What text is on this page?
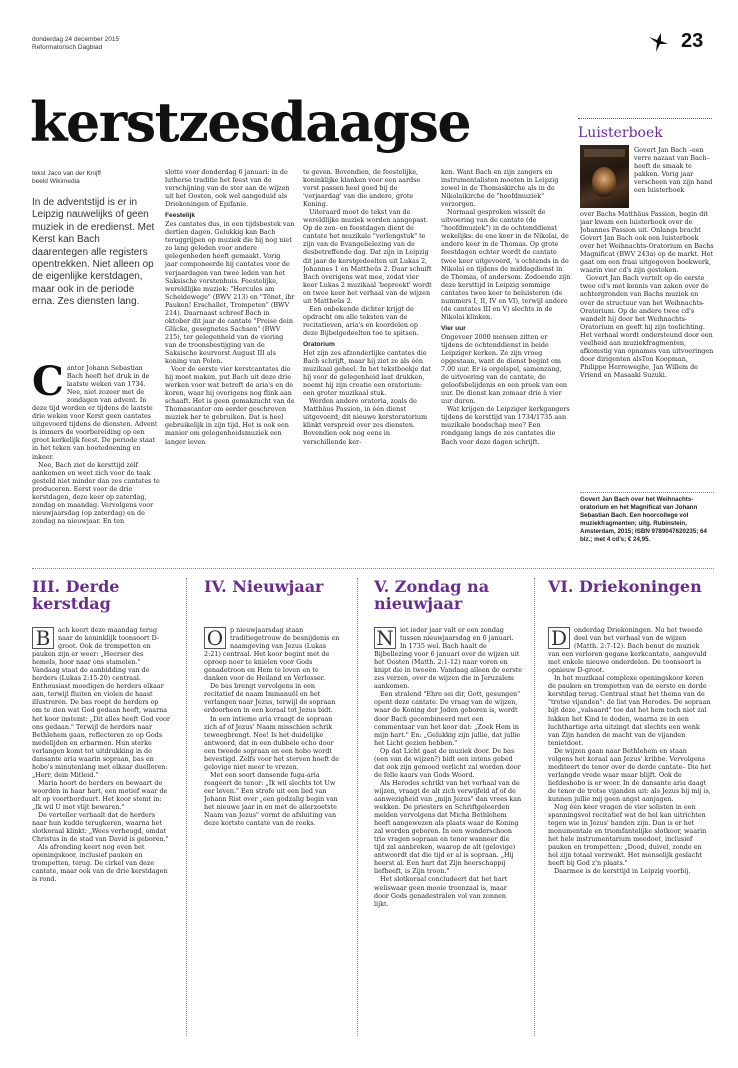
donderdag 24 december 2015
Reformatorisch Dagblad	23
kerstzesdaagse
tekst Jaco van der Knijff
beeld Wikimedia
In de adventstijd is er in Leipzig nauwelijks of geen muziek in de eredienst. Met Kerst kan Bach daarentegen alle registers opentrekken. Niet alleen op de eigenlijke kerstdagen, maar ook in de periode erna. Zes diensten lang.
C antor Johann Sebastian Bach heeft het druk in de laatste weken van 1734. Nee, niet zozeer met de zondagen van advent. In deze tijd worden er tijdens de laatste drie weken voor Kerst geen cantates uitgevoerd tijdens de diensten. Advent is immers de voorbereiding op een groot kerkelijk feest. De periode staat in het teken van boetedoening en inkeer.

Nee, Bach ziet de kersttijd zélf aankomen en weet zich voor de taak gesteld niet minder dan zes cantates te produceren. Eerst voor de drie kerstdagen, deze keer op zaterdag, zondag en maandag. Vervolgens voor nieuwjaarsdag (op zaterdag) en de zondag na nieuwjaar. En ten

slotte voor donderdag 6 januari: in de lutherse traditie het feest van de verschijning van de ster aan de wijzen uit het Oosten, ook wel aangeduid als Driekoningen of Epifanie.

Feestelijk

Zes cantates dus, in een tijdsbestek van dertien dagen. Gelukkig kan Bach teruggrijpen op muziek die hij nog niet zo lang geleden voor andere gelegenheden heeft gemaakt. Vorig jaar componeerde hij cantates voor de verjaardagen van twee leden van het Saksische vorstenhuis. Feestelijke, wereldlijke muziek: "Hercules am Scheidewege" (BWV 213) en "Tönet, ihr Pauken! Erschallet, Trompeten" (BWV 214). Daarnaast schreef Bach in oktober dit jaar de cantate "Preise dein Glücke, gesegnetes Sachsen" (BWV 215), ter gelegenheid van de viering van de troonsbestijging van de Saksische keurvorst August III als koning van Polen.

Voor de eerste vier kerstcantates die hij moet maken, put Bach uit deze drie werken voor wat betreft de aria's en de koren, waar hij overigens nog flink aan schaaft. Het is geen gemakzucht van de Thomascantor om eerder geschreven muziek her te gebruiken. Dat is heel gebruikelijk in zijn tijd. Het is ook een manier om gelegenheidsmuziek een langer leven

te geven. Bovendien, de feestelijke, koninklijke klanken voor een aardse vorst passen heel goed bij de 'verjaardag' van die andere, grote Koning.

Uiteraard moet de tekst van de wereldlijke muziek worden aangepast. Op de zon- en feestdagen dient de cantate het muzikale "verlengstuk" te zijn van de Evangelielezing van de desbetreffende dag. Dat zijn in Leipzig dit jaar de kerstgedeelten uit Lukas 2, Johannes 1 en Mattheüs 2. Daar schuift Bach overigens wat mee, zodat vier keer Lukas 2 muzikaal 'bepreekt' wordt en twee keer het verhaal van de wijzen uit Mattheüs 2.

Een onbekende dichter krijgt de opdracht om alle teksten van de recitatieven, aria's en koordelen op deze Bijbelgedeelten toe te spitsen.

Oratorium

Het zijn zes afzonderlijke cantates die Bach schrijft, maar hij ziet ze als één muzikaal geheel. In het tekstboekje dat hij voor de gelegenheid laat drukken, noemt hij zijn creatie een oratorium: een groter muzikaal stuk.

Werden andere oratoria, zoals de Matthäus Passion, in één dienst uitgevoerd, dit nieuwe kerstoratorium klinkt verspreid over zes diensten. Bovendien ook nog eens in verschillende ker-

ken. Want Bach en zijn zangers en instrumentalisten moeten in Leipzig zowel in de Thomaskirche als in de Nikolaikirche de "hoofdmuziek" verzorgen.

Normaal gesproken wisselt de uitvoering van de cantate (de "hoofdmuziek") in de ochtenddienst wekelijks: de ene keer in de Nikolai, de andere keer in de Thomas. Op grote feestdagen echter wordt de cantate twee keer uitgevoerd, 's ochtends in de Nikolai en tijdens de middagdienst in de Thomas, of andersom. Zodoende zijn deze kersttijd in Leipzig sommige cantates twee keer te beluisteren (de nummers I, II, IV en VI), terwijl andere (de cantates III en V) slechts in de Nikolai klinken.

Vier uur

Ongeveer 2000 mensen zitten er tijdens de ochtenddienst in beide Leipziger kerken. Ze zijn vroeg opgestaan, want de dienst begint om 7.00 uur. Er is orgelspel, samenzang, de uitvoering van de cantate, de geloofsbelijdenis en een preek van een uur. De dienst kan zomaar drie à vier uur duren.

Wat krijgen de Leipziger kerkgangers tijdens de kersttijd van 1734/1735 aan muzikale boodschap mee? Een rondgang langs de zes cantates die Bach voor deze dagen schrijft.

Luisterboek

Govert Jan Bach –een verre nazaat van Bach– heeft de smaak te pakken. Vorig jaar verscheen van zijn hand een luisterboek

over Bachs Matthäus Passion, begin dit jaar kwam een luisterboek over de Johannes Passion uit. Onlangs bracht Govert Jan Bach ook een luisterboek over het Weihnachts-Oratorium en Bachs Magnificat (BWV 243a) op de markt. Het gaat om een fraai uitgegeven boekwerk, waarin vier cd's zijn gestoken.

Govert Jan Bach vertelt op de eerste twee cd's met kennis van zaken over de achtergronden van Bachs muziek en over de structuur van het Weihnachts-Oratorium. Op de andere twee cd's wandelt hij door het Weihnachts-Oratorium en geeft hij zijn toelichting. Het verhaal wordt ondersteund door een veelheid aan muziekfragmenten, afkomstig van opnames van uitvoeringen door dirigenten alsTon Koopman, Philippe Herreweghe, Jan Willem de Vriend en Masaaki Suzuki.

Govert Jan Bach over het Weihnachts-oratorium en het Magnificat van Johann Sebastian Bach. Een hoorcollege vol muziekfragmenten; uitg. Rubinstein, Amsterdam, 2015; ISBN 9789047620235; 64 blz.; met 4 cd's; € 24,95.
III. Derde kerstdag
B	ach keert deze maandag terug naar de koninklijk toonsoort D-groot. Ook de trompetten en pauken zijn er weer: „Heerser des hemels, hoor naar ons stamelen." Vandaag staat de aanbidding van de herders (Lukas 2:15-20) centraal. Enthousiast moedigen de herders elkaar aan, terwijl fluiten en violen de haast illustreren. De bas roept de herders op om te zien wat God gedaan heeft, waarna het koor instemt: „Dit alles heeft God voor ons gedaan." Terwijl de herders naar Bethlehem gaan, reflecteren ze op Gods medelijden en erbarmen. Hun sterke verlangen komt tot uitdrukking in de dansante aria waarin sopraan, bas en hobo's minutenlang met elkaar duelleren: „Herr, dein Mitleid."

Maria hoort de herders en bewaart de woorden in haar hart, een motief waar de alt op voortborduurt. Het koor stemt in: „Ik wil U met vlijt bewaren."

De verteller verhaalt dat de herders naar hun kudde terugkeren, waarna het slotkoraal klinkt: „Wees verheugd, omdat Christus in de stad van David is geboren."

Als afronding keert nog even het openingskoor, inclusief pauken en trompetten, terug. De cirkel van deze cantate, maar ook van de drie kerstdagen is rond.

IV. Nieuwjaar
O	p nieuwjaarsdag staan traditiegetrouw de besnijdenis en naamgeving van Jezus (Lukas 2:21) centraal. Het koor begint met de oproep neer te knielen voor Gods genadetroon en Hem te loven en te danken voor de Heiland en Verlosser.

De bas brengt vervolgens in een recitatief de naam Immanuël en het verlangen naar Jezus, terwijl de sopraan erdoorheen in een koraal tot Jezus bidt.

In een intieme aria vraagt de sopraan zich af of Jezus' Naam misschien schrik teweegbrengt. Nee! Is het duidelijke antwoord, dat in een dubbele echo door een tweede sopraan en een hobo wordt bevestigd. Zelfs voor het sterven hoeft de gelovige niet meer te vrezen.

Met een soort dansende fuga-aria reageert de tenor: „Ik wil slechts tot Uw eer leven." Een strofe uit een lied van Johann Rist over „een godzalig begin van het nieuwe jaar in en met de allerzoetste Naam van Jezus" vormt de afsluiting van deze kortste cantate van de reeks.

V. Zondag na nieuwjaar
N iet ieder jaar valt er een zondag tussen nieuwjaarsdag en 6 januari. In 1735 wel. Bach haalt de Bijbellezing voor 6 januari over de wijzen uit het Oosten (Matth. 2:1-12) naar voren en knipt die in tweeën. Vandaag alleen de eerste zes verzen, over de wijzen die in Jeruzalem aankomen.

Een stralend "Ehre sei dir, Gott, gesungen" opent deze cantate. De vraag van de wijzen, waar de Koning der Joden geboren is, wordt door Bach gecombineerd met een commentaar van het koor dat: „Zoek Hem in mijn hart." En: „Gelukkig zijn jullie, dat jullie het Licht gezien hebben."

Op dat Licht gaat de muziek door. De bas (een van de wijzen?) bidt een intens gebed dat ook zijn gemoed verlicht zal worden door de felle kaars van Gods Woord.

Als Herodes schrikt van het verhaal van de wijzen, vraagt de alt zich verwijfeld af of de aanwezigheid van „mijn Jezus" dan vrees kan wekken. De priesters en Schriftgeleerden melden vervolgens dat Micha Bethlehem heeft aangewezen als plaats waar de Koning zal worden geboren. In een wonderschoon trio vragen sopraan en tenor wanneer die tijd zal aanbreken, waarop de alt (gelovige) antwoordt dat die tijd er al is sopraan. „Hij heerst al. Een hart dat Zijn heerschappij liefheeft, is Zijn troon."

Het slotkoraal concludeert dat het hart weliswaar geen mooie troonzaal is, maar door Gods genadestralen vol van zonnen lijkt.

VI. Driekoningen
D	onderdag Driekoningen. Nu het tweede deel van het verhaal van de wijzen (Matth. 2:7-12). Bach benut de muziek van een verloren gegane kerkcantate, aangevuld met enkele nieuwe onderdelen. De toonsoort is opnieuw D-groot.

In het muzikaal complexe openingskoor keren de pauken en trompetten van de eerste en derde kerstdag terug. Centraal staat het thema van de "trotse vijanden": de list van Herodes. De sopraan bijt deze „valsaard" toe dat het hem toch niet zal lukken het Kind te doden, waarna ze in een luchthartige aria uitzingt dat slechts een wenk van Zijn handen de macht van de vijanden tenietdoet.

De wijzen gaan naar Bethlehem en staan volgens het koraal aan Jezus' kribbe. Vervolgens mediteert de tenor over de derde cantate– Die het verlangde vrede waar maar blijft. Ook de liefdeshobo is er weer. In de dansante aria daagt de tenor de trotse vijanden uit: als Jezus bij mij is, kunnen jullie mij geen angst aanjagen.

Nog één keer vragen de vier solisten in een spanningsvol recitatief wat de hel kan uitrichten tegen wie in Jezus' handen zijn. Dan is er het monumentale en triomfantelijke slotkoor, waarin het hele instrumentarium meedoet, inclusief pauken en trompetten: „Dood, duivel, zonde en hel zijn totaal verzwakt. Het menselijk geslacht heeft bij God z'n plaats."

Daarmee is de kersttijd in Leipzig voorbij.
